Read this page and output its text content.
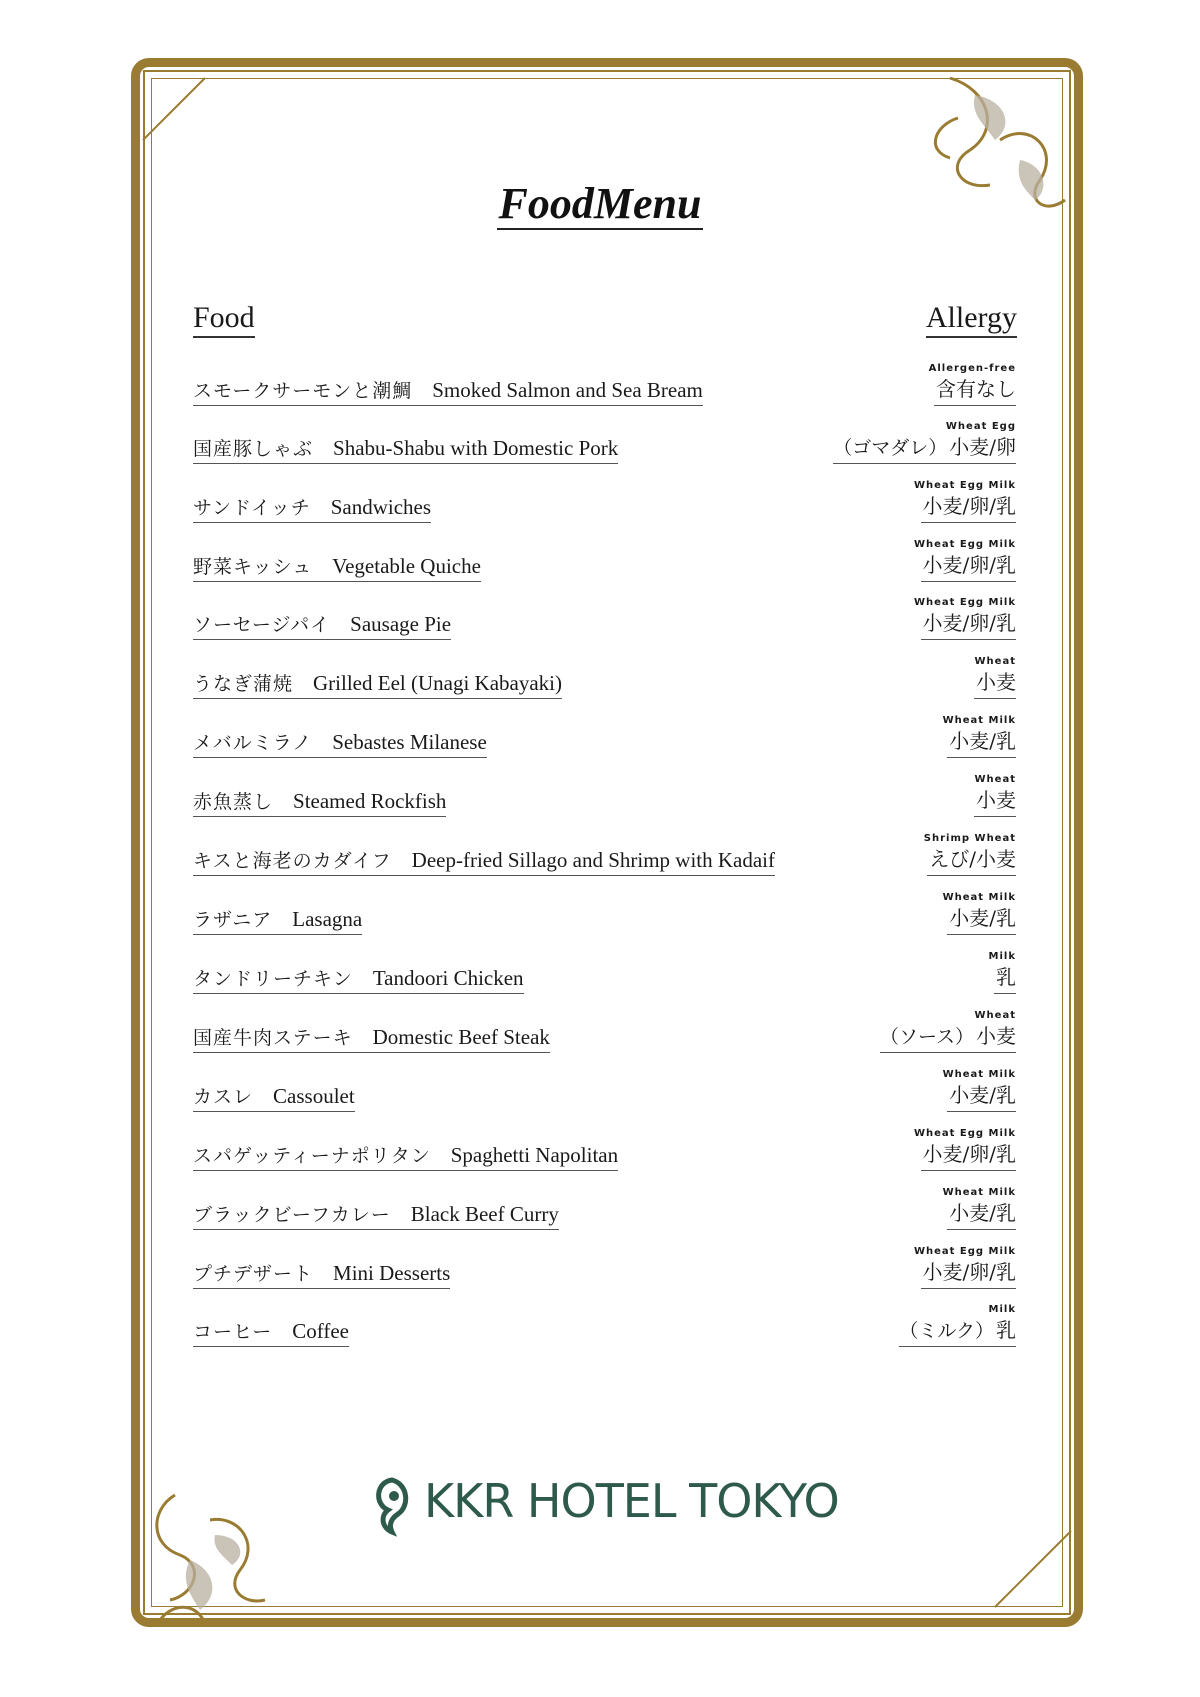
FoodMenu
Food	Allergy
スモークサーモンと潮鯛 Smoked Salmon and Sea Bream
Allergen-free
含有なし
国産豚しゃぶ Shabu-Shabu with Domestic Pork
Wheat Egg
（ゴマダレ） 小麦/卵
サンドイッチ Sandwiches
Wheat Egg Milk
小麦/卵/乳
野菜キッシュ Vegetable Quiche
Wheat Egg Milk
小麦/卵/乳
ソーセージパイ Sausage Pie
Wheat Egg Milk
小麦/卵/乳
うなぎ蒲焼 Grilled Eel (Unagi Kabayaki)
Wheat
小麦
メバルミラノ Sebastes Milanese
Wheat Milk
小麦/乳
赤魚蒸し Steamed Rockfish
Wheat
小麦
キスと海老のカダイフ Deep-fried Sillago and Shrimp with Kadaif
Shrimp Wheat
えび/小麦
ラザニア Lasagna
Wheat Milk
小麦/乳
タンドリーチキン Tandoori Chicken
Milk
乳
国産牛肉ステーキ Domestic Beef Steak
Wheat
（ソース） 小麦
カスレ Cassoulet
Wheat Milk
小麦/乳
スパゲッティーナポリタン Spaghetti Napolitan
Wheat Egg Milk
小麦/卵/乳
ブラックビーフカレー Black Beef Curry
Wheat Milk
小麦/乳
プチデザート Mini Desserts
Wheat Egg Milk
小麦/卵/乳
コーヒー Coffee
Milk
（ミルク） 乳
KKR HOTEL TOKYO
